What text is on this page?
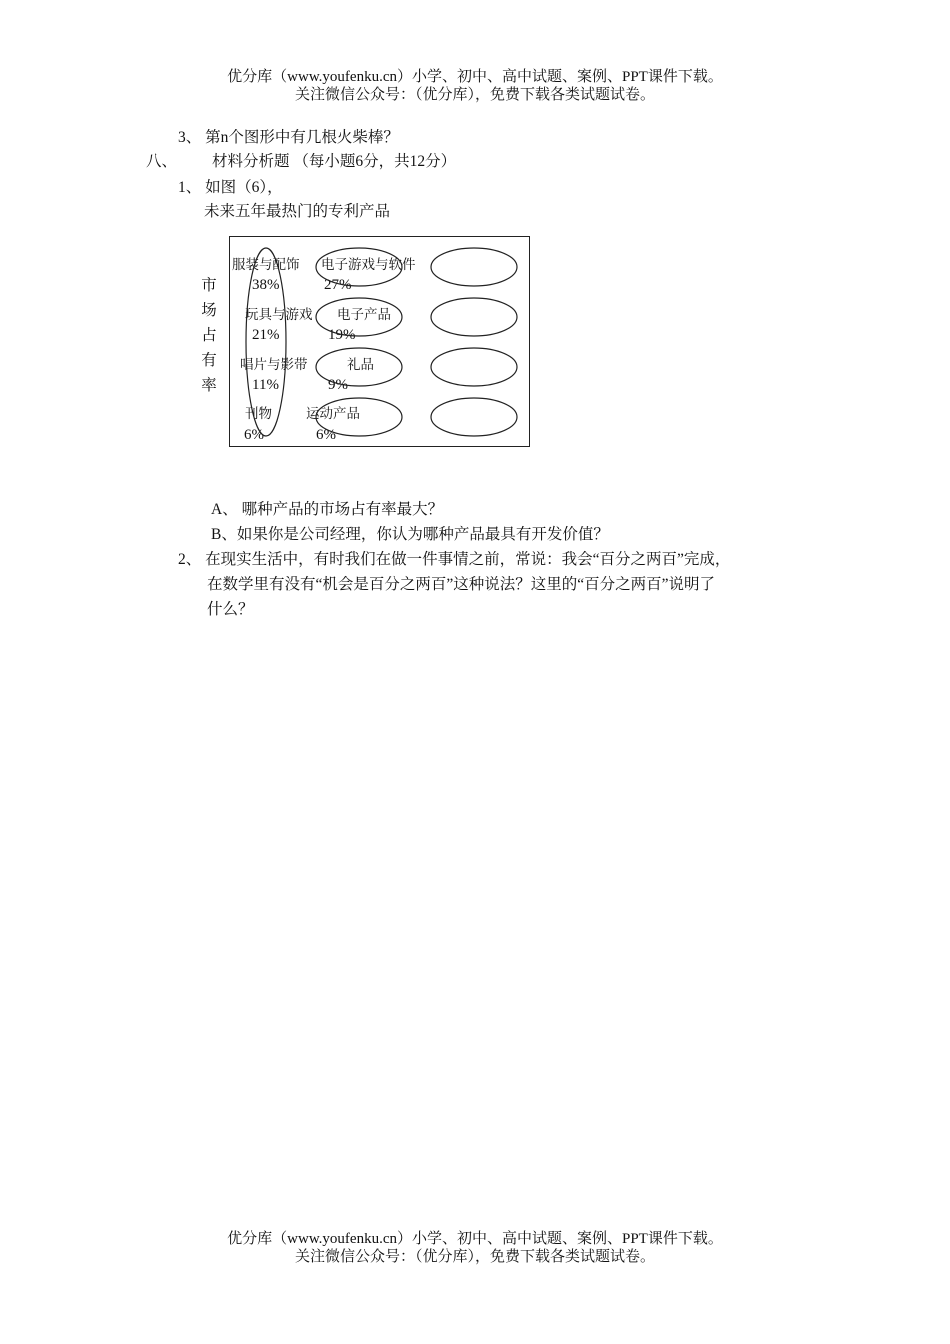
优分库（www.youfenku.cn）小学、初中、高中试题、案例、PPT课件下载。
关注微信公众号：（优分库），免费下载各类试题试卷。
3、 第n个图形中有几根火柴棒？
八、 材料分析题 （每小题6分，共12分）
1、 如图（6），
未来五年最热门的专利产品
市
场
占
有
率
服装与配饰
38%
玩具与游戏
21%
唱片与影带
11%
刊物
6%
电子游戏与软件
27%
电子产品
19%
礼品
9%
运动产品
6%
A、 哪种产品的市场占有率最大？
B、如果你是公司经理，你认为哪种产品最具有开发价值？
2、 在现实生活中，有时我们在做一件事情之前，常说：我会“百分之两百”完成，
在数学里有没有“机会是百分之两百”这种说法？这里的“百分之两百”说明了
什么？
优分库（www.youfenku.cn）小学、初中、高中试题、案例、PPT课件下载。
关注微信公众号：（优分库），免费下载各类试题试卷。
